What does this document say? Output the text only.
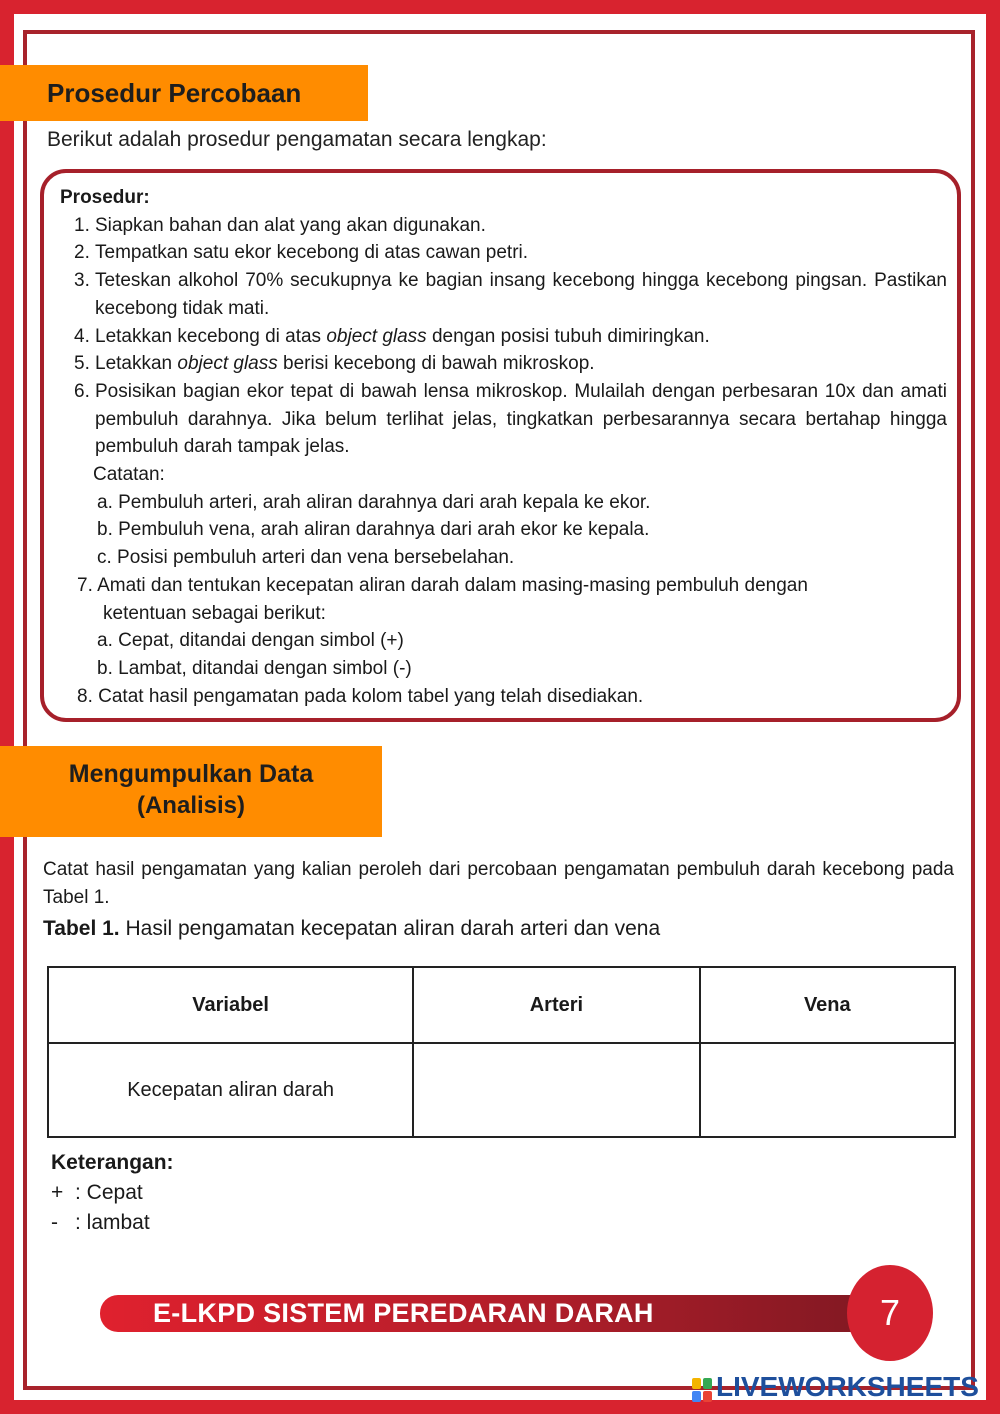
Prosedur Percobaan
Berikut adalah prosedur pengamatan secara lengkap:
Prosedur:
1. Siapkan bahan dan alat yang akan digunakan.
2. Tempatkan satu ekor kecebong di atas cawan petri.
3. Teteskan alkohol 70% secukupnya ke bagian insang kecebong hingga kecebong pingsan. Pastikan kecebong tidak mati.
4. Letakkan kecebong di atas object glass dengan posisi tubuh dimiringkan.
5. Letakkan object glass berisi kecebong di bawah mikroskop.
6. Posisikan bagian ekor tepat di bawah lensa mikroskop. Mulailah dengan perbesaran 10x dan amati pembuluh darahnya. Jika belum terlihat jelas, tingkatkan perbesarannya secara bertahap hingga pembuluh darah tampak jelas.
Catatan:
a. Pembuluh arteri, arah aliran darahnya dari arah kepala ke ekor.
b. Pembuluh vena, arah aliran darahnya dari arah ekor ke kepala.
c. Posisi pembuluh arteri dan vena bersebelahan.
7. Amati dan tentukan kecepatan aliran darah dalam masing-masing pembuluh dengan
ketentuan sebagai berikut:
a. Cepat, ditandai dengan simbol (+)
b. Lambat, ditandai dengan simbol (-)
8. Catat hasil pengamatan pada kolom tabel yang telah disediakan.
Mengumpulkan Data
(Analisis)
Catat hasil pengamatan yang kalian peroleh dari percobaan pengamatan pembuluh darah kecebong pada Tabel 1.
Tabel 1. Hasil pengamatan kecepatan aliran darah arteri dan vena
Variabel	Arteri	Vena
Kecepatan aliran darah		
Keterangan:
+ : Cepat
- : lambat
E-LKPD SISTEM PEREDARAN DARAH	7
LIVEWORKSHEETS
